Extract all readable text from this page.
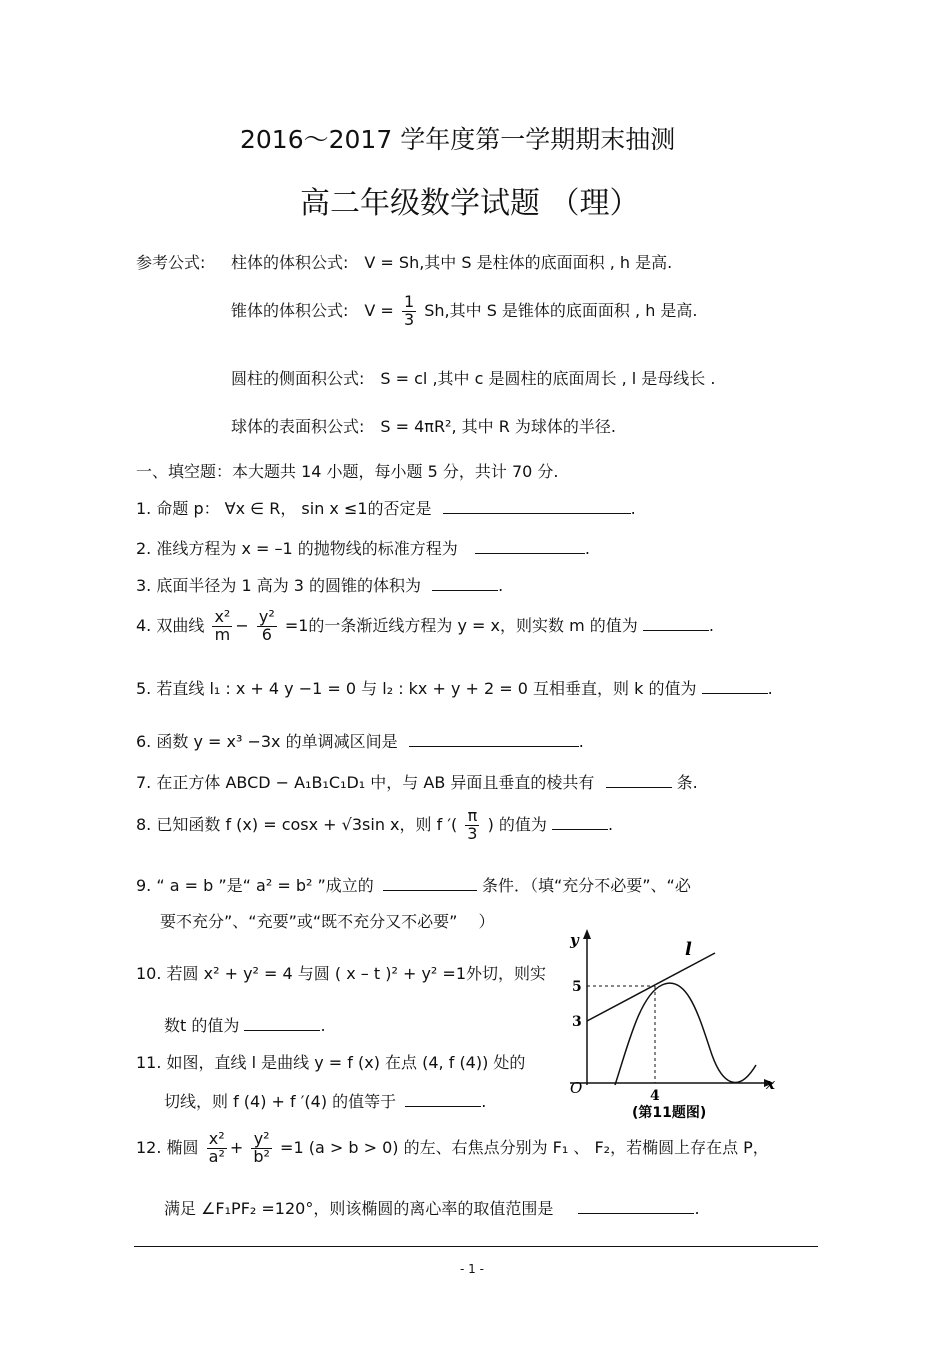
2016～2017 学年度第一学期期末抽测
高二年级数学试题 （理）
参考公式: 柱体的体积公式:　V = Sh,其中 S 是柱体的底面面积 , h 是高.
锥体的体积公式:　$V = \frac{1}{3} Sh$,其中 S 是锥体的底面面积 , h 是高.
圆柱的侧面积公式:　S = cl ,其中 c 是圆柱的底面周长 , l 是母线长 .
球体的表面积公式:　S = 4πR², 其中 R 为球体的半径.
一、填空题：本大题共 14 小题，每小题 5 分，共计 70 分.
1. 命题 p： ∀x ∈ R， sin x ≤1的否定是	.
2. 准线方程为 x = –1 的抛物线的标准方程为	.
3. 底面半径为 1 高为 3 的圆锥的体积为	.
4. 双曲线 $\frac{\text{x²}}{m} - \frac{\text{y²}}{6} =1$的一条渐近线方程为 y = x，则实数 m 的值为	.
5. 若直线 l₁ : x + 4 y −1 = 0 与 l₂ : kx + y + 2 = 0 互相垂直，则 k 的值为	.
6. 函数 y = x³ −3x 的单调减区间是	.
7. 在正方体 ABCD − A₁B₁C₁D₁ 中，与 AB 异面且垂直的棱共有	条.
8. 已知函数 f (x) = cosx + √3sin x，则 f ′( $\frac{\pi}{3}$ ) 的值为	.
9. “ a = b ”是“ a² = b² ”成立的	条件．（填“充分不必要”、“必
要不充分”、“充要”或“既不充分又不必要”　 ）
10. 若圆 x² + y² = 4 与圆 ( x – t )² + y² =1外切，则实
数t 的值为	.
11. 如图，直线 l 是曲线 y = f (x) 在点 (4, f (4)) 处的
切线，则 f (4) + f ′(4) 的值等于	.
12. 椭圆 $\frac{\text{x²}}{\text{a²}} + \frac{\text{y²}}{\text{b²}} =1$ (a > b > 0) 的左、右焦点分别为 F₁ 、 F₂，若椭圆上存在点 P，
满足 ∠F₁PF₂ =120°，则该椭圆的离心率的取值范围是	.
y
x
O
5
3
4
l
(第11题图)
- 1 -
